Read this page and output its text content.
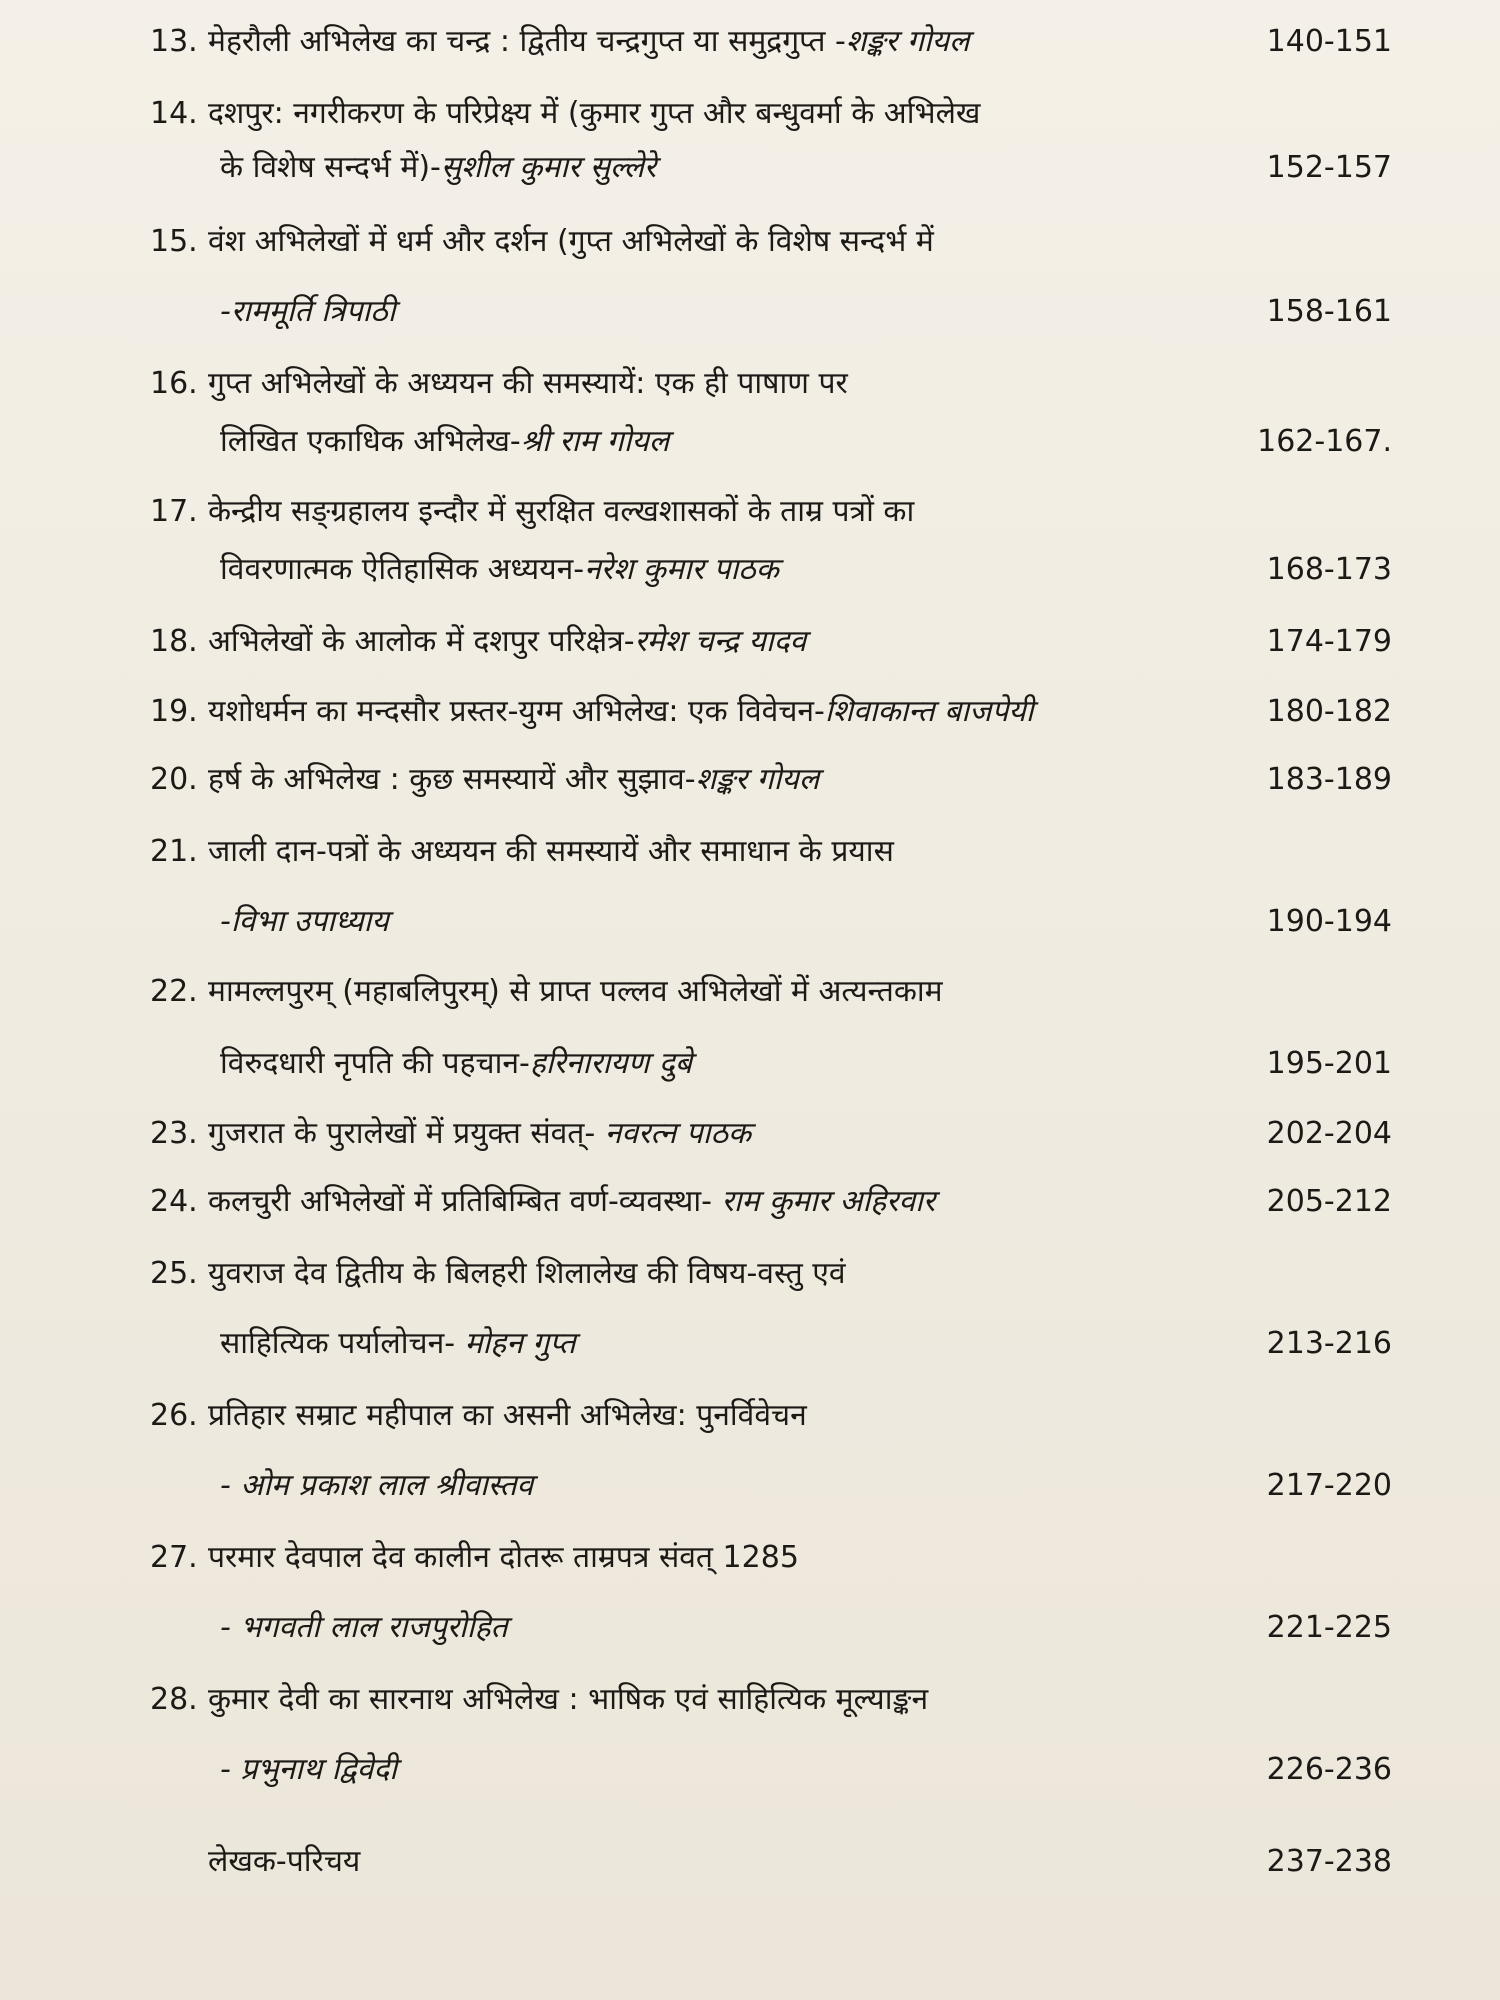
13. मेहरौली अभिलेख का चन्द्र : द्वितीय चन्द्रगुप्त या समुद्रगुप्त -शङ्कर गोयल	140-151
14. दशपुर: नगरीकरण के परिप्रेक्ष्य में (कुमार गुप्त और बन्धुवर्मा के अभिलेख
के विशेष सन्दर्भ में)-सुशील कुमार सुल्लेरे	152-157
15. वंश अभिलेखों में धर्म और दर्शन (गुप्त अभिलेखों के विशेष सन्दर्भ में
-राममूर्ति त्रिपाठी	158-161
16. गुप्त अभिलेखों के अध्ययन की समस्यायें: एक ही पाषाण पर
लिखित एकाधिक अभिलेख-श्री राम गोयल	162-167.
17. केन्द्रीय सङ्ग्रहालय इन्दौर में सुरक्षित वल्खशासकों के ताम्र पत्रों का
विवरणात्मक ऐतिहासिक अध्ययन-नरेश कुमार पाठक	168-173
18. अभिलेखों के आलोक में दशपुर परिक्षेत्र-रमेश चन्द्र यादव	174-179
19. यशोधर्मन का मन्दसौर प्रस्तर-युग्म अभिलेख: एक विवेचन-शिवाकान्त बाजपेयी	180-182
20. हर्ष के अभिलेख : कुछ समस्यायें और सुझाव-शङ्कर गोयल	183-189
21. जाली दान-पत्रों के अध्ययन की समस्यायें और समाधान के प्रयास
-विभा उपाध्याय	190-194
22. मामल्लपुरम् (महाबलिपुरम्) से प्राप्त पल्लव अभिलेखों में अत्यन्तकाम
विरुदधारी नृपति की पहचान-हरिनारायण दुबे	195-201
23. गुजरात के पुरालेखों में प्रयुक्त संवत्- नवरत्न पाठक	202-204
24. कलचुरी अभिलेखों में प्रतिबिम्बित वर्ण-व्यवस्था- राम कुमार अहिरवार	205-212
25. युवराज देव द्वितीय के बिलहरी शिलालेख की विषय-वस्तु एवं
साहित्यिक पर्यालोचन- मोहन गुप्त	213-216
26. प्रतिहार सम्राट महीपाल का असनी अभिलेख: पुनर्विवेचन
- ओम प्रकाश लाल श्रीवास्तव	217-220
27. परमार देवपाल देव कालीन दोतरू ताम्रपत्र संवत् 1285
- भगवती लाल राजपुरोहित	221-225
28. कुमार देवी का सारनाथ अभिलेख : भाषिक एवं साहित्यिक मूल्याङ्कन
- प्रभुनाथ द्विवेदी	226-236
लेखक-परिचय	237-238
